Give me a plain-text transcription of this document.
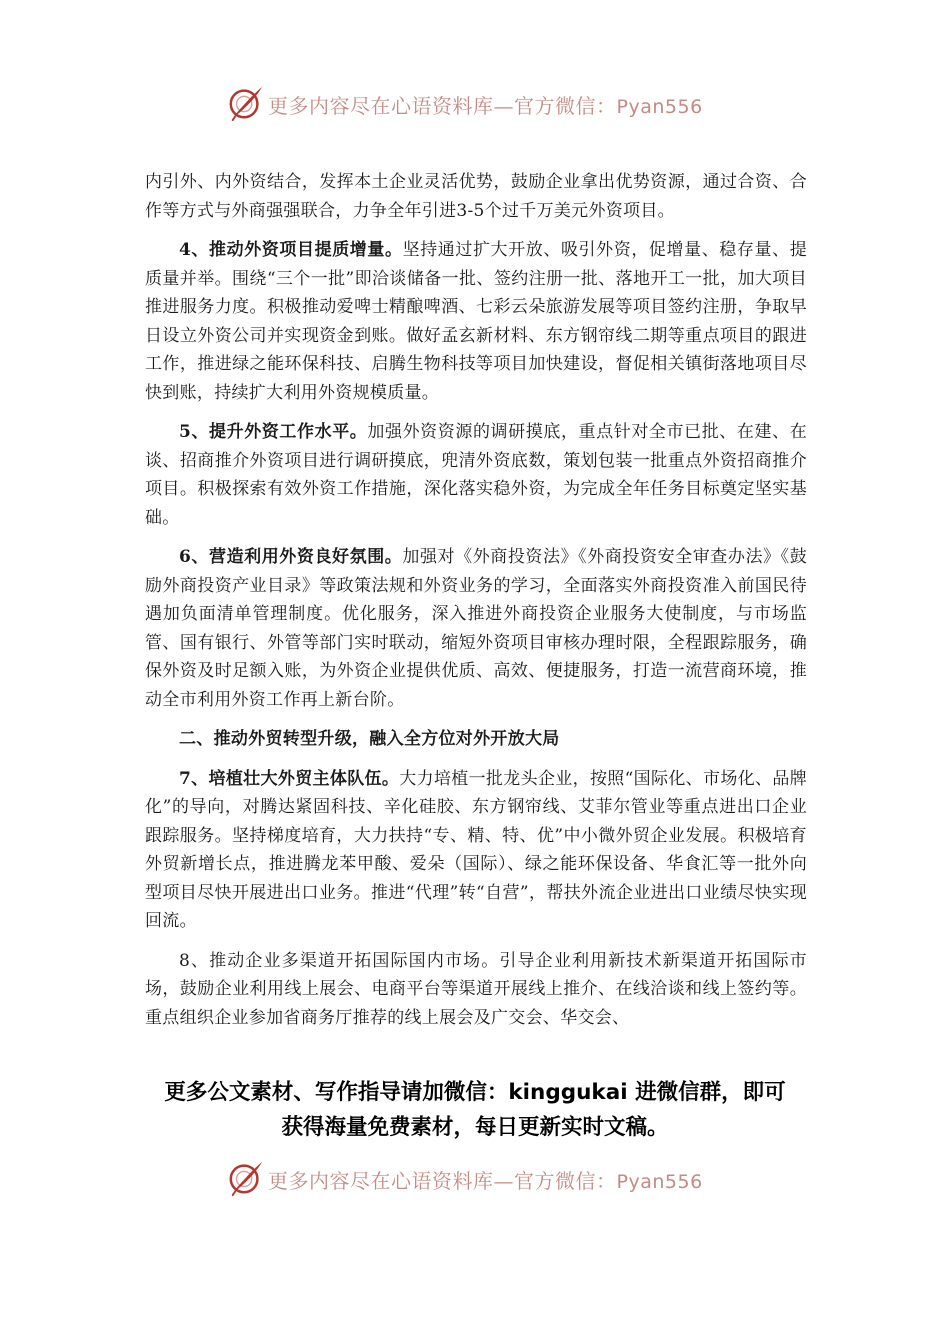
更多内容尽在心语资料库—官方微信：Pyan556

内引外、内外资结合，发挥本土企业灵活优势，鼓励企业拿出优势资源，通过合资、合作等方式与外商强强联合，力争全年引进3-5个过千万美元外资项目。

4、推动外资项目提质增量。坚持通过扩大开放、吸引外资，促增量、稳存量、提质量并举。围绕“三个一批”即洽谈储备一批、签约注册一批、落地开工一批，加大项目推进服务力度。积极推动爱啤士精酿啤酒、七彩云朵旅游发展等项目签约注册，争取早日设立外资公司并实现资金到账。做好孟玄新材料、东方钢帘线二期等重点项目的跟进工作，推进绿之能环保科技、启腾生物科技等项目加快建设，督促相关镇街落地项目尽快到账，持续扩大利用外资规模质量。

5、提升外资工作水平。加强外资资源的调研摸底，重点针对全市已批、在建、在谈、招商推介外资项目进行调研摸底，兜清外资底数，策划包装一批重点外资招商推介项目。积极探索有效外资工作措施，深化落实稳外资，为完成全年任务目标奠定坚实基础。

6、营造利用外资良好氛围。加强对《外商投资法》《外商投资安全审查办法》《鼓励外商投资产业目录》等政策法规和外资业务的学习，全面落实外商投资准入前国民待遇加负面清单管理制度。优化服务，深入推进外商投资企业服务大使制度，与市场监管、国有银行、外管等部门实时联动，缩短外资项目审核办理时限，全程跟踪服务，确保外资及时足额入账，为外资企业提供优质、高效、便捷服务，打造一流营商环境，推动全市利用外资工作再上新台阶。

二、推动外贸转型升级，融入全方位对外开放大局

7、培植壮大外贸主体队伍。大力培植一批龙头企业，按照“国际化、市场化、品牌化”的导向，对腾达紧固科技、辛化硅胶、东方钢帘线、艾菲尔管业等重点进出口企业跟踪服务。坚持梯度培育，大力扶持“专、精、特、优”中小微外贸企业发展。积极培育外贸新增长点，推进腾龙苯甲酸、爱朵（国际）、绿之能环保设备、华食汇等一批外向型项目尽快开展进出口业务。推进“代理”转“自营”，帮扶外流企业进出口业绩尽快实现回流。

8、推动企业多渠道开拓国际国内市场。引导企业利用新技术新渠道开拓国际市场，鼓励企业利用线上展会、电商平台等渠道开展线上推介、在线洽谈和线上签约等。重点组织企业参加省商务厅推荐的线上展会及广交会、华交会、

更多公文素材、写作指导请加微信：kinggukai 进微信群，即可
获得海量免费素材，每日更新实时文稿。
更多内容尽在心语资料库—官方微信：Pyan556
